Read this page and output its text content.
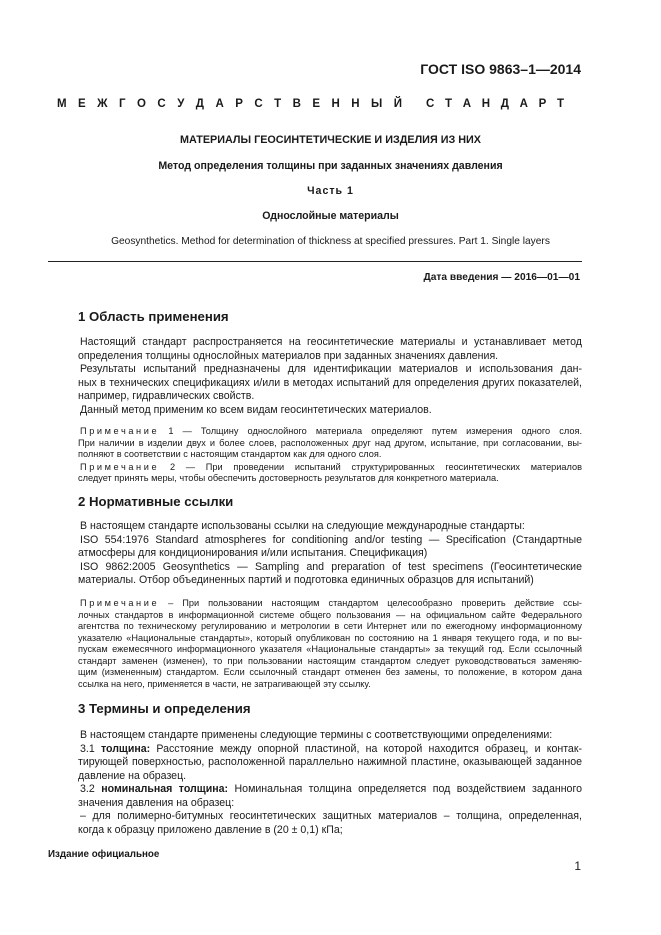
ГОСТ ISO 9863–1—2014
М Е Ж Г О С У Д А Р С Т В Е Н Н Ы Й С Т А Н Д А Р Т
МАТЕРИАЛЫ ГЕОСИНТЕТИЧЕСКИЕ И ИЗДЕЛИЯ ИЗ НИХ
Метод определения толщины при заданных значениях давления
Часть 1
Однослойные материалы
Geosynthetics. Method for determination of thickness at specified pressures. Part 1. Single layers
Дата введения — 2016—01—01
1 Область применения
Настоящий стандарт распространяется на геосинтетические материалы и устанавливает метод
определения толщины однослойных материалов при заданных значениях давления.
Результаты испытаний предназначены для идентификации материалов и использования дан-
ных в технических спецификациях и/или в методах испытаний для определения других показателей,
например, гидравлических свойств.
Данный метод применим ко всем видам геосинтетических материалов.
Примечание 1 — Толщину однослойного материала определяют путем измерения одного слоя.
При наличии в изделии двух и более слоев, расположенных друг над другом, испытание, при согласовании, вы-
полняют в соответствии с настоящим стандартом как для одного слоя.
Примечание 2 — При проведении испытаний структурированных геосинтетических материалов
следует принять меры, чтобы обеспечить достоверность результатов для конкретного материала.
2 Нормативные ссылки
В настоящем стандарте использованы ссылки на следующие международные стандарты:
ISO 554:1976 Standard atmospheres for conditioning and/or testing — Specification (Стандартные
атмосферы для кондиционирования и/или испытания. Спецификация)
ISO 9862:2005 Geosynthetics — Sampling and preparation of test specimens (Геосинтетические
материалы. Отбор объединенных партий и подготовка единичных образцов для испытаний)
Примечание – При пользовании настоящим стандартом целесообразно проверить действие ссы-
лочных стандартов в информационной системе общего пользования — на официальном сайте Федерального
агентства по техническому регулированию и метрологии в сети Интернет или по ежегодному информационному
указателю «Национальные стандарты», который опубликован по состоянию на 1 января текущего года, и по вы-
пускам ежемесячного информационного указателя «Национальные стандарты» за текущий год. Если ссылочный
стандарт заменен (изменен), то при пользовании настоящим стандартом следует руководствоваться заменяю-
щим (измененным) стандартом. Если ссылочный стандарт отменен без замены, то положение, в котором дана
ссылка на него, применяется в части, не затрагивающей эту ссылку.
3 Термины и определения
В настоящем стандарте применены следующие термины с соответствующими определениями:
3.1 толщина: Расстояние между опорной пластиной, на которой находится образец, и контак-
тирующей поверхностью, расположенной параллельно нажимной пластине, оказывающей заданное
давление на образец.
3.2 номинальная толщина: Номинальная толщина определяется под воздействием заданного
значения давления на образец:
– для полимерно-битумных геосинтетических защитных материалов – толщина, определенная,
когда к образцу приложено давление в (20 ± 0,1) кПа;
Издание официальное
1
